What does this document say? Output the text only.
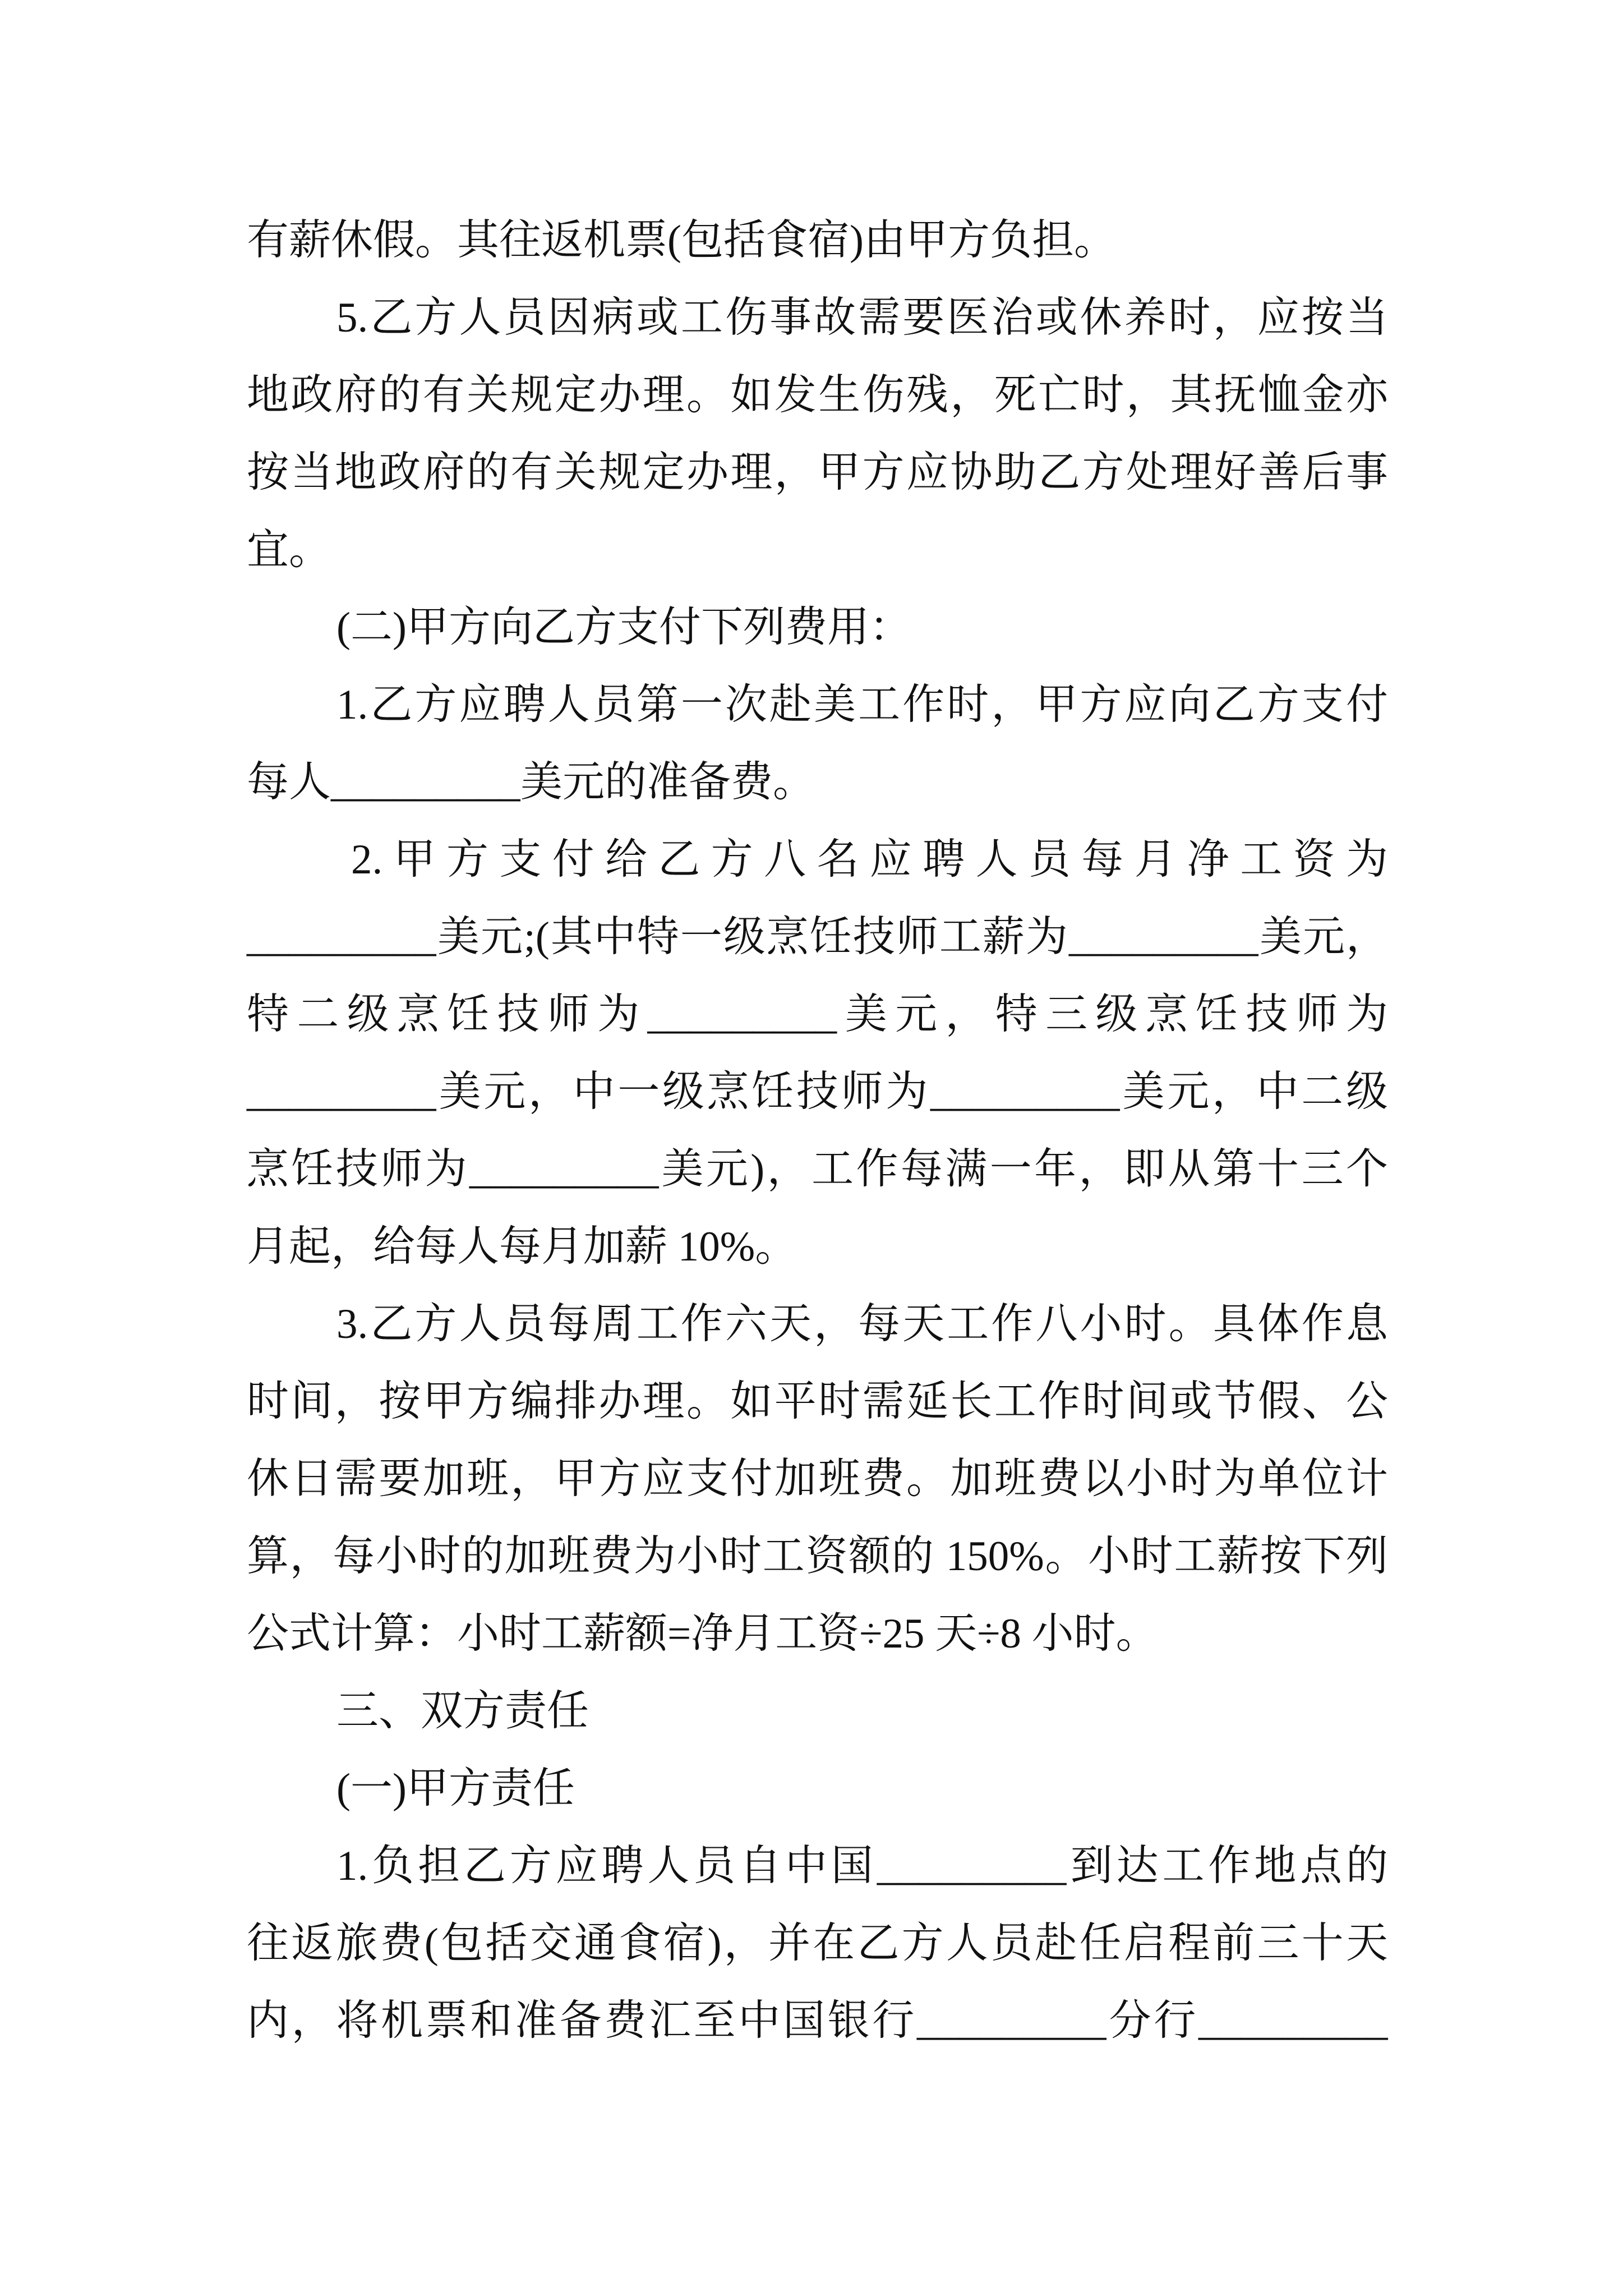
有薪休假。其往返机票(包括食宿)由甲方负担。
5.乙方人员因病或工伤事故需要医治或休养时，应按当
地政府的有关规定办理。如发生伤残，死亡时，其抚恤金亦
按当地政府的有关规定办理，甲方应协助乙方处理好善后事
宜。
(二)甲方向乙方支付下列费用：
1.乙方应聘人员第一次赴美工作时，甲方应向乙方支付
每人_________美元的准备费。
2.甲方支付给乙方八名应聘人员每月净工资为
_________美元;(其中特一级烹饪技师工薪为_________美元，
特二级烹饪技师为_________美元，特三级烹饪技师为
_________美元，中一级烹饪技师为_________美元，中二级
烹饪技师为_________美元)，工作每满一年，即从第十三个
月起，给每人每月加薪 10%。
3.乙方人员每周工作六天，每天工作八小时。具体作息
时间，按甲方编排办理。如平时需延长工作时间或节假、公
休日需要加班，甲方应支付加班费。加班费以小时为单位计
算，每小时的加班费为小时工资额的 150%。小时工薪按下列
公式计算：小时工薪额=净月工资÷25 天÷8 小时。
三、双方责任
(一)甲方责任
1.负担乙方应聘人员自中国_________到达工作地点的
往返旅费(包括交通食宿)，并在乙方人员赴任启程前三十天
内，将机票和准备费汇至中国银行_________分行_________
